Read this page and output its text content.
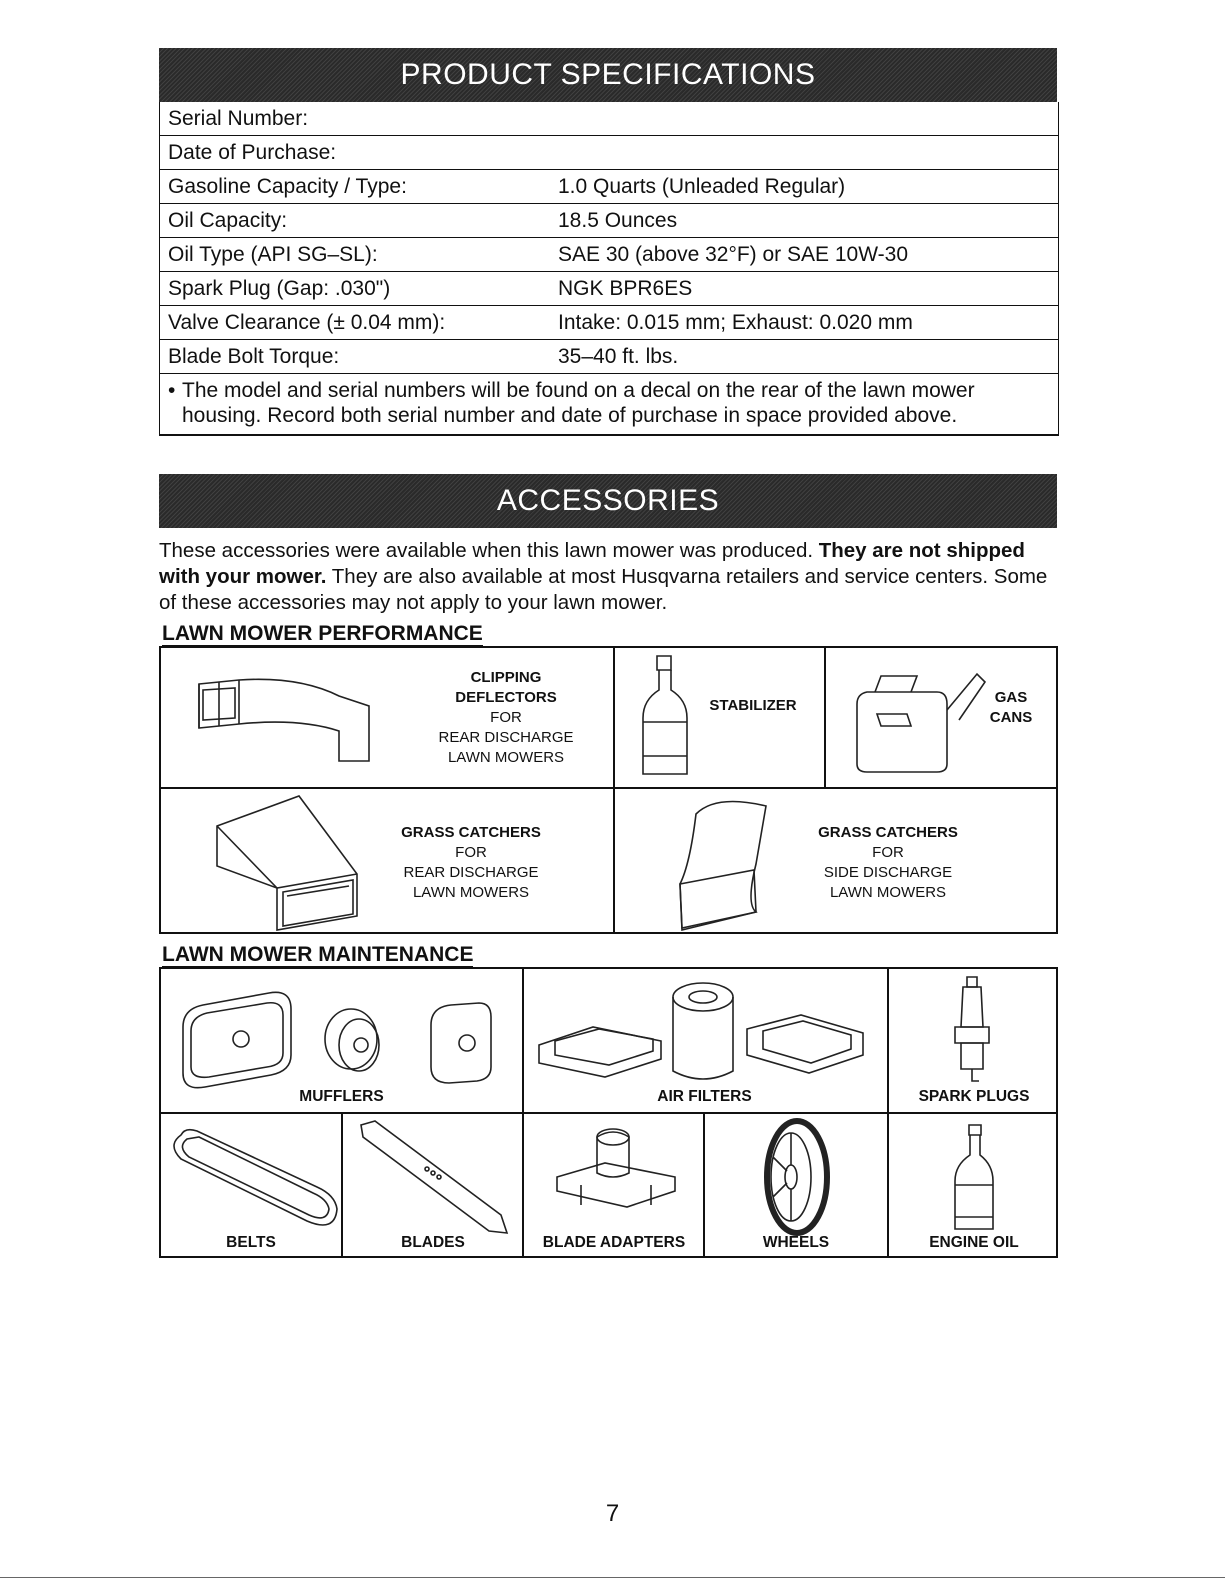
PRODUCT SPECIFICATIONS
Serial Number:
Date of Purchase:
Gasoline Capacity / Type:	1.0 Quarts (Unleaded Regular)
Oil Capacity:	18.5 Ounces
Oil Type (API SG–SL):	SAE 30 (above 32°F) or SAE 10W-30
Spark Plug (Gap: .030")	NGK BPR6ES
Valve Clearance (± 0.04 mm):	Intake: 0.015 mm; Exhaust: 0.020 mm
Blade Bolt Torque:	35–40 ft. lbs.
• The model and serial numbers will be found on a decal on the rear of the lawn mower
housing. Record both serial number and date of purchase in space provided above.
ACCESSORIES
These accessories were available when this lawn mower was produced. They are not shipped with your mower. They are also available at most Husqvarna retailers and service centers. Some of these accessories may not apply to your lawn mower.
LAWN MOWER PERFORMANCE
CLIPPING
DEFLECTORS
FOR
REAR DISCHARGE
LAWN MOWERS
STABILIZER	GAS
CANS
GRASS CATCHERS
FOR
REAR DISCHARGE
LAWN MOWERS
GRASS CATCHERS
FOR
SIDE DISCHARGE
LAWN MOWERS
LAWN MOWER MAINTENANCE
MUFFLERS	AIR FILTERS	SPARK PLUGS
BELTS	BLADES	BLADE ADAPTERS	WHEELS	ENGINE OIL
7
